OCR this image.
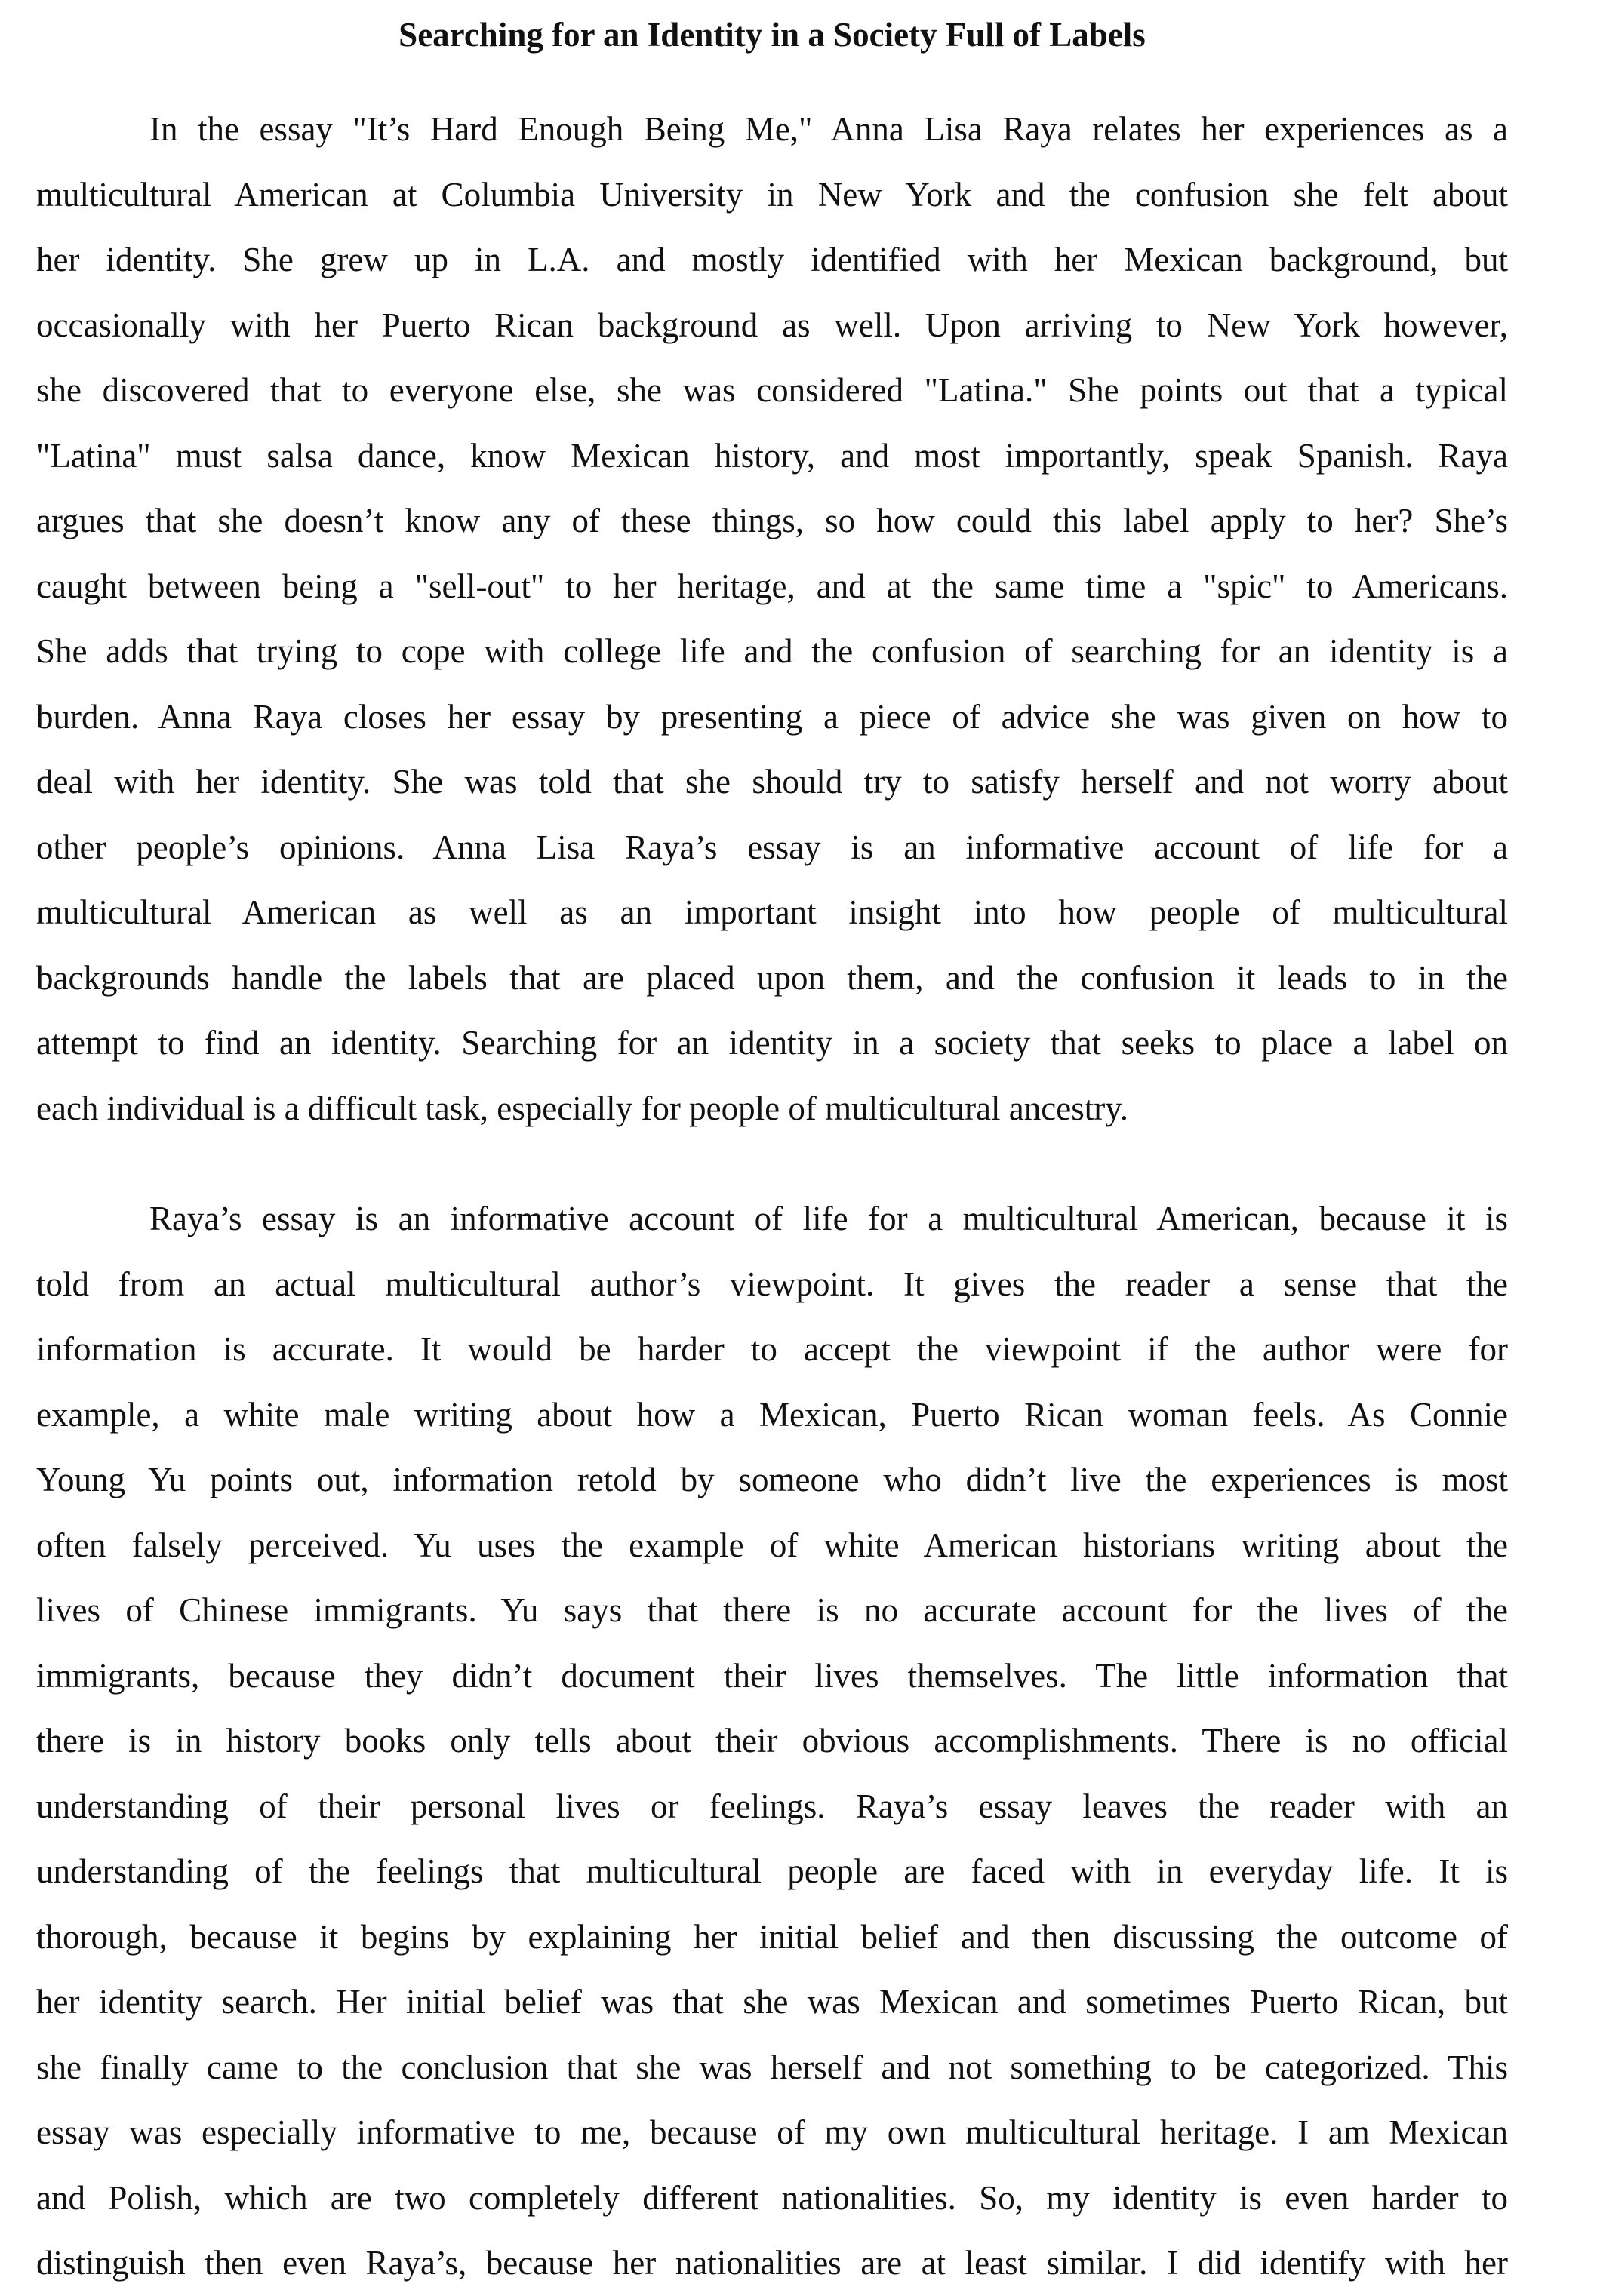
Searching for an Identity in a Society Full of Labels
In the essay "It’s Hard Enough Being Me," Anna Lisa Raya relates her experiences as a
multicultural American at Columbia University in New York and the confusion she felt about
her identity. She grew up in L.A. and mostly identified with her Mexican background, but
occasionally with her Puerto Rican background as well. Upon arriving to New York however,
she discovered that to everyone else, she was considered "Latina." She points out that a typical
"Latina" must salsa dance, know Mexican history, and most importantly, speak Spanish. Raya
argues that she doesn’t know any of these things, so how could this label apply to her? She’s
caught between being a "sell-out" to her heritage, and at the same time a "spic" to Americans.
She adds that trying to cope with college life and the confusion of searching for an identity is a
burden. Anna Raya closes her essay by presenting a piece of advice she was given on how to
deal with her identity. She was told that she should try to satisfy herself and not worry about
other people’s opinions. Anna Lisa Raya’s essay is an informative account of life for a
multicultural American as well as an important insight into how people of multicultural
backgrounds handle the labels that are placed upon them, and the confusion it leads to in the
attempt to find an identity. Searching for an identity in a society that seeks to place a label on
each individual is a difficult task, especially for people of multicultural ancestry.
Raya’s essay is an informative account of life for a multicultural American, because it is
told from an actual multicultural author’s viewpoint. It gives the reader a sense that the
information is accurate. It would be harder to accept the viewpoint if the author were for
example, a white male writing about how a Mexican, Puerto Rican woman feels. As Connie
Young Yu points out, information retold by someone who didn’t live the experiences is most
often falsely perceived. Yu uses the example of white American historians writing about the
lives of Chinese immigrants. Yu says that there is no accurate account for the lives of the
immigrants, because they didn’t document their lives themselves. The little information that
there is in history books only tells about their obvious accomplishments. There is no official
understanding of their personal lives or feelings. Raya’s essay leaves the reader with an
understanding of the feelings that multicultural people are faced with in everyday life. It is
thorough, because it begins by explaining her initial belief and then discussing the outcome of
her identity search. Her initial belief was that she was Mexican and sometimes Puerto Rican, but
she finally came to the conclusion that she was herself and not something to be categorized. This
essay was especially informative to me, because of my own multicultural heritage. I am Mexican
and Polish, which are two completely different nationalities. So, my identity is even harder to
distinguish then even Raya’s, because her nationalities are at least similar. I did identify with her
